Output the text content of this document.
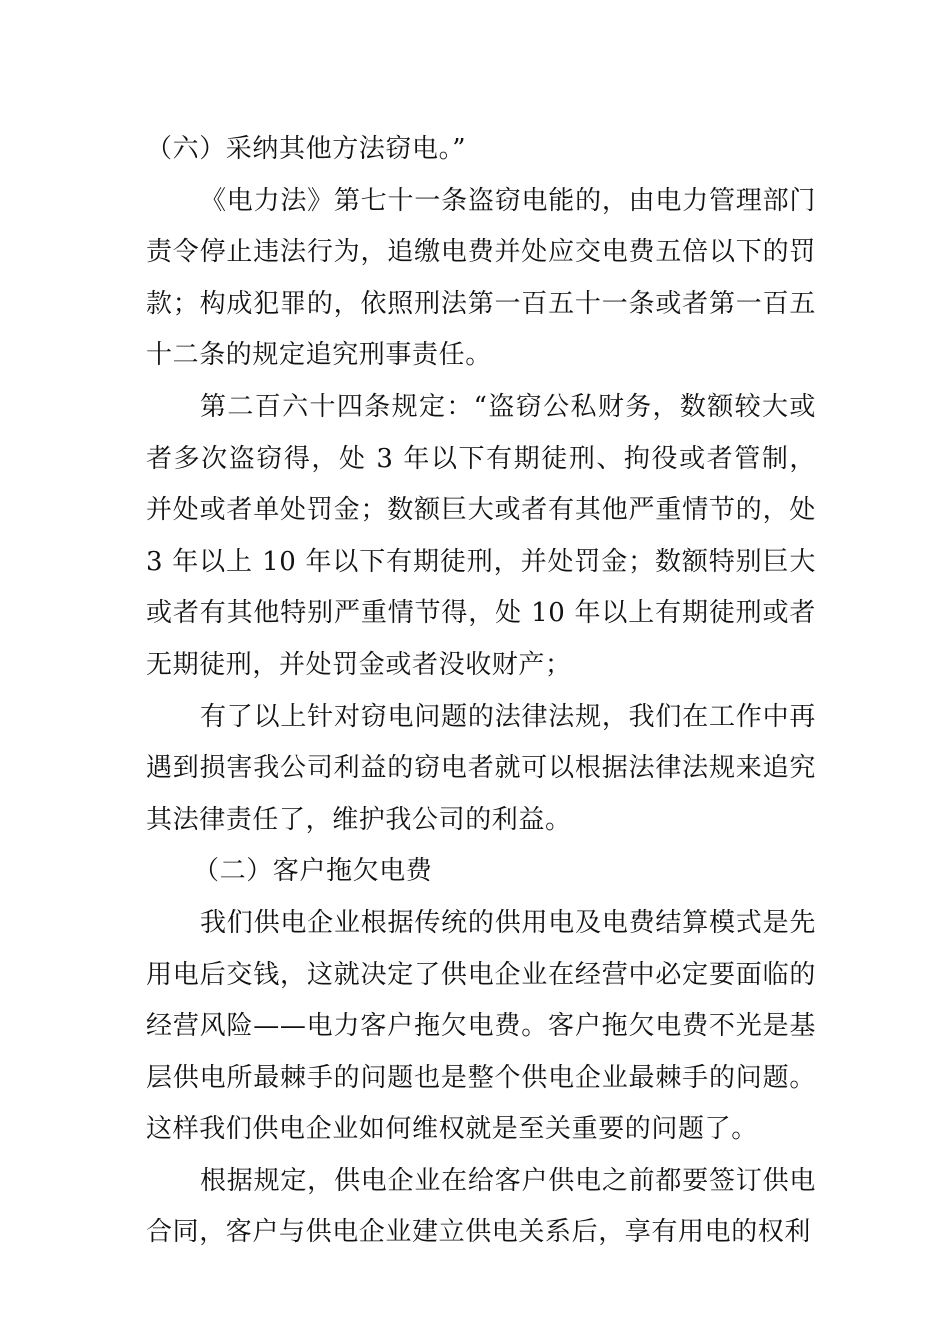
（六）采纳其他方法窃电。”

《电力法》第七十一条盗窃电能的，由电力管理部门责令停止违法行为，追缴电费并处应交电费五倍以下的罚款；构成犯罪的，依照刑法第一百五十一条或者第一百五十二条的规定追究刑事责任。

第二百六十四条规定：“盗窃公私财务，数额较大或者多次盗窃得，处 3 年以下有期徒刑、拘役或者管制，并处或者单处罚金；数额巨大或者有其他严重情节的，处 3 年以上 10 年以下有期徒刑，并处罚金；数额特别巨大或者有其他特别严重情节得，处 10 年以上有期徒刑或者无期徒刑，并处罚金或者没收财产；

有了以上针对窃电问题的法律法规，我们在工作中再遇到损害我公司利益的窃电者就可以根据法律法规来追究其法律责任了，维护我公司的利益。

（二）客户拖欠电费

我们供电企业根据传统的供用电及电费结算模式是先用电后交钱，这就决定了供电企业在经营中必定要面临的经营风险——电力客户拖欠电费。客户拖欠电费不光是基层供电所最棘手的问题也是整个供电企业最棘手的问题。这样我们供电企业如何维权就是至关重要的问题了。

根据规定，供电企业在给客户供电之前都要签订供电合同，客户与供电企业建立供电关系后，享有用电的权利
